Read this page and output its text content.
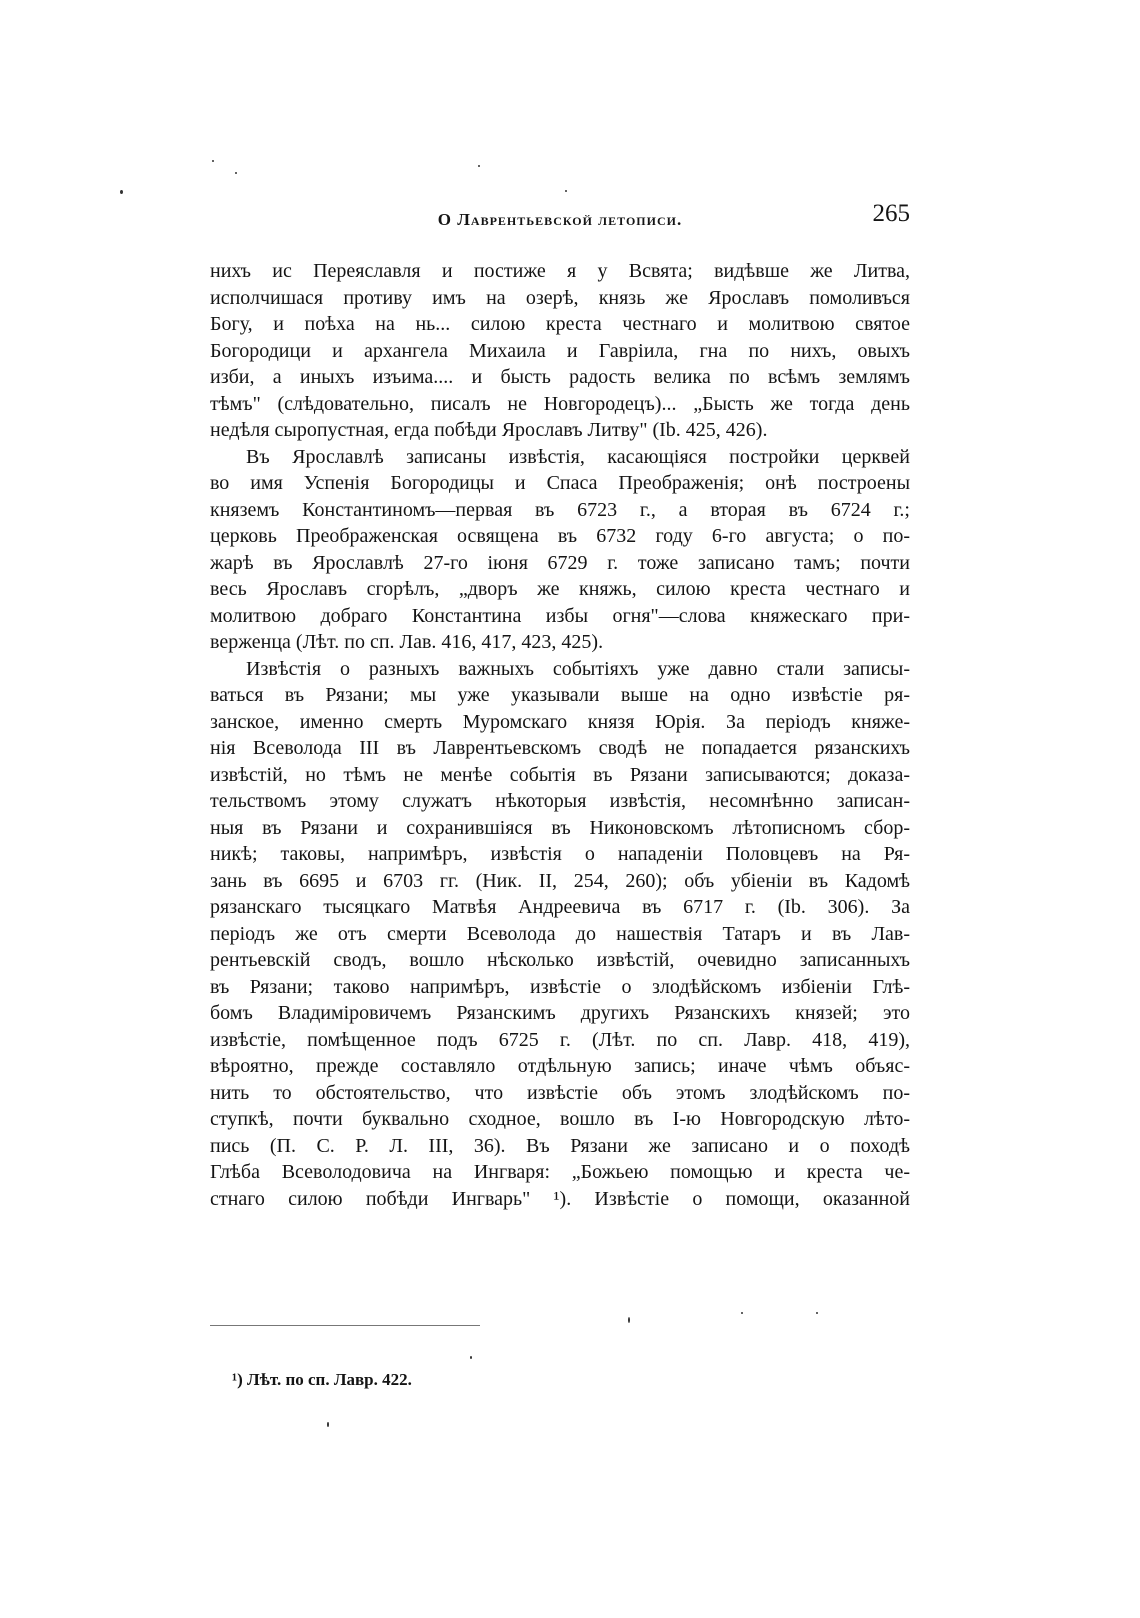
О Лаврентьевской летописи.	265
нихъ ис Переяславля и постиже я у Всвята; видѣвше же Литва,
исполчишася противу имъ на озерѣ, князь же Ярославъ помоливъся
Богу, и поѣха на нь... силою креста честнаго и молитвою святое
Богородици и архангела Михаила и Гавріила, гна по нихъ, овыхъ
изби, а иныхъ изъима.... и бысть радость велика по всѣмъ землямъ
тѣмъ" (слѣдовательно, писалъ не Новгородецъ)... „Бысть же тогда день
недѣля сыропустная, егда побѣди Ярославъ Литву" (Ib. 425, 426).
Въ Ярославлѣ записаны извѣстія, касающіяся постройки церквей
во имя Успенія Богородицы и Спаса Преображенія; онѣ построены
княземъ Константиномъ—первая въ 6723 г., а вторая въ 6724 г.;
церковь Преображенская освящена въ 6732 году 6-го августа; о по-
жарѣ въ Ярославлѣ 27-го іюня 6729 г. тоже записано тамъ; почти
весь Ярославъ сгорѣлъ, „дворъ же княжь, силою креста честнаго и
молитвою добраго Константина избы огня"—слова княжескаго при-
верженца (Лѣт. по сп. Лав. 416, 417, 423, 425).
Извѣстія о разныхъ важныхъ событіяхъ уже давно стали записы-
ваться въ Рязани; мы уже указывали выше на одно извѣстіе ря-
занское, именно смерть Муромскаго князя Юрія. За періодъ княже-
нія Всеволода III въ Лаврентьевскомъ сводѣ не попадается рязанскихъ
извѣстій, но тѣмъ не менѣе событія въ Рязани записываются; доказа-
тельствомъ этому служатъ нѣкоторыя извѣстія, несомнѣнно записан-
ныя въ Рязани и сохранившіяся въ Никоновскомъ лѣтописномъ сбор-
никѣ; таковы, напримѣръ, извѣстія о нападеніи Половцевъ на Ря-
зань въ 6695 и 6703 гг. (Ник. II, 254, 260); объ убіеніи въ Кадомѣ
рязанскаго тысяцкаго Матвѣя Андреевича въ 6717 г. (Ib. 306). За
періодъ же отъ смерти Всеволода до нашествія Татаръ и въ Лав-
рентьевскій сводъ, вошло нѣсколько извѣстій, очевидно записанныхъ
въ Рязани; таково напримѣръ, извѣстіе о злодѣйскомъ избіеніи Глѣ-
бомъ Владиміровичемъ Рязанскимъ другихъ Рязанскихъ князей; это
извѣстіе, помѣщенное подъ 6725 г. (Лѣт. по сп. Лавр. 418, 419),
вѣроятно, прежде составляло отдѣльную запись; иначе чѣмъ объяс-
нить то обстоятельство, что извѣстіе объ этомъ злодѣйскомъ по-
ступкѣ, почти буквально сходное, вошло въ I-ю Новгородскую лѣто-
пись (П. С. Р. Л. III, 36). Въ Рязани же записано и о походѣ
Глѣба Всеволодовича на Ингваря: „Божьею помощью и креста че-
стнаго силою побѣди Ингварь" ¹). Извѣстіе о помощи, оказанной
¹) Лѣт. по сп. Лавр. 422.
